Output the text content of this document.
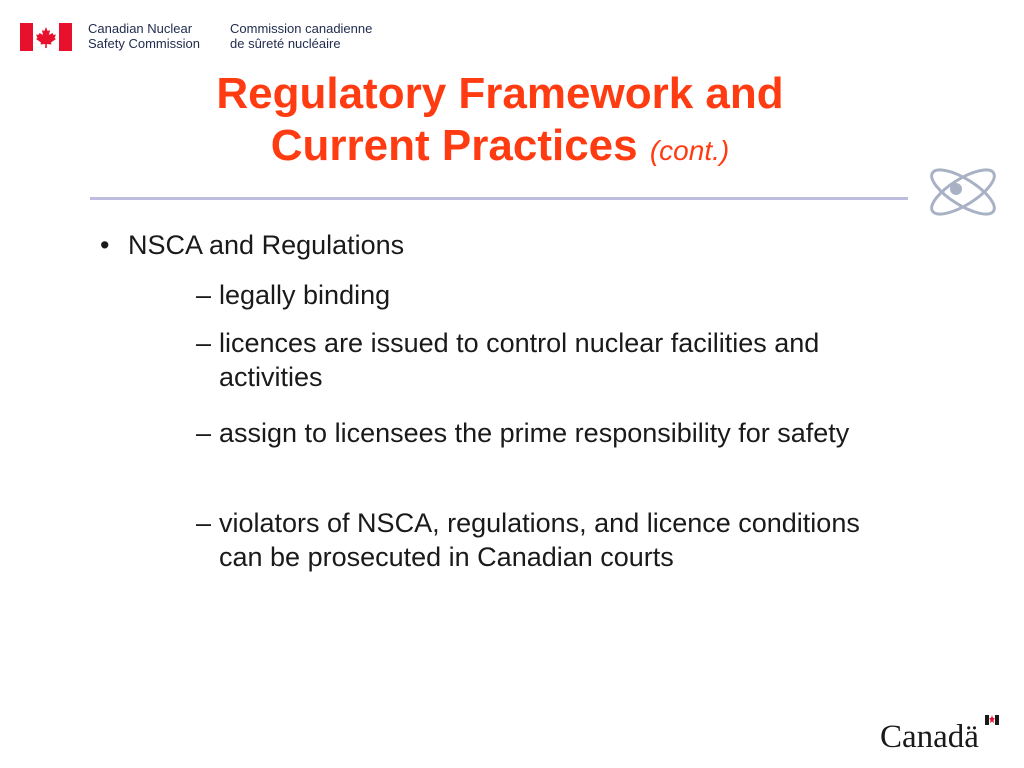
Canadian Nuclear
Safety Commission
Commission canadienne
de sûreté nucléaire
Regulatory Framework and
Current Practices (cont.)
• NSCA and Regulations
– legally binding
– licences are issued to control nuclear facilities and activities
– assign to licensees the prime responsibility for safety
– violators of NSCA, regulations, and licence conditions can be prosecuted in Canadian courts
Canadä
